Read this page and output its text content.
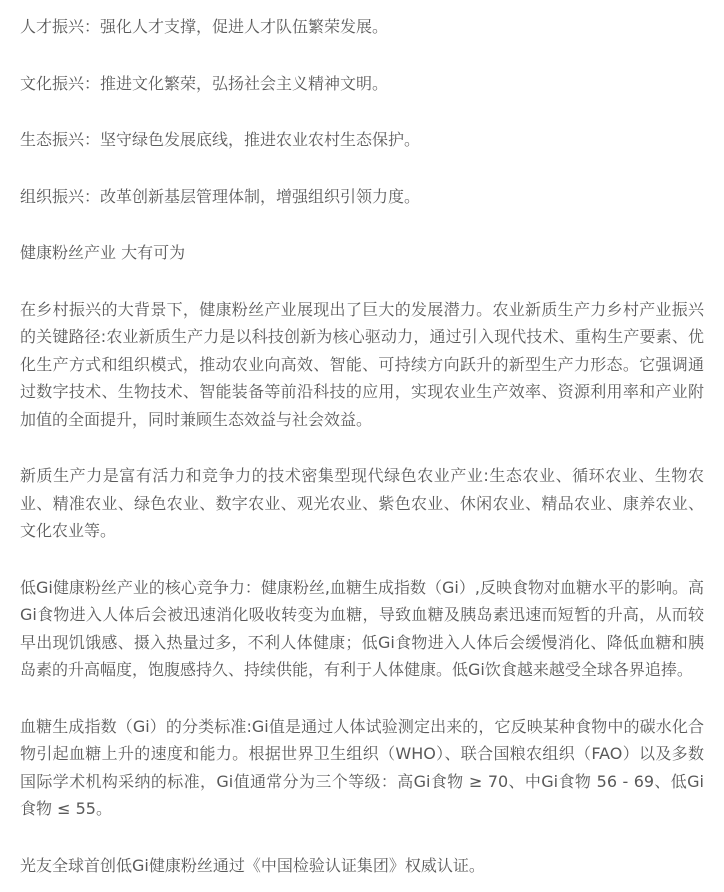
人才振兴：强化人才支撑，促进人才队伍繁荣发展。

文化振兴：推进文化繁荣，弘扬社会主义精神文明。

生态振兴：坚守绿色发展底线，推进农业农村生态保护。

组织振兴：改革创新基层管理体制，增强组织引领力度。

健康粉丝产业 大有可为

在乡村振兴的大背景下，健康粉丝产业展现出了巨大的发展潜力。农业新质生产力乡村产业振兴的关键路径:农业新质生产力是以科技创新为核心驱动力，通过引入现代技术、重构生产要素、优化生产方式和组织模式，推动农业向高效、智能、可持续方向跃升的新型生产力形态。它强调通过数字技术、生物技术、智能装备等前沿科技的应用，实现农业生产效率、资源利用率和产业附加值的全面提升，同时兼顾生态效益与社会效益。

新质生产力是富有活力和竞争力的技术密集型现代绿色农业产业:生态农业、循环农业、生物农业、精准农业、绿色农业、数字农业、观光农业、紫色农业、休闲农业、精品农业、康养农业、文化农业等。

低Gi健康粉丝产业的核心竞争力：健康粉丝,血糖生成指数（Gi）,反映食物对血糖水平的影响。高Gi食物进入人体后会被迅速消化吸收转变为血糖，导致血糖及胰岛素迅速而短暂的升高，从而较早出现饥饿感、摄入热量过多，不利人体健康；低Gi食物进入人体后会缓慢消化、降低血糖和胰岛素的升高幅度，饱腹感持久、持续供能，有利于人体健康。低Gi饮食越来越受全球各界追捧。

血糖生成指数（Gi）的分类标准:Gi值是通过人体试验测定出来的，它反映某种食物中的碳水化合物引起血糖上升的速度和能力。根据世界卫生组织（WHO）、联合国粮农组织（FAO）以及多数国际学术机构采纳的标准，Gi值通常分为三个等级：高Gi食物 ≥ 70、中Gi食物 56 - 69、低Gi食物 ≤ 55。

光友全球首创低Gi健康粉丝通过《中国检验认证集团》权威认证。
